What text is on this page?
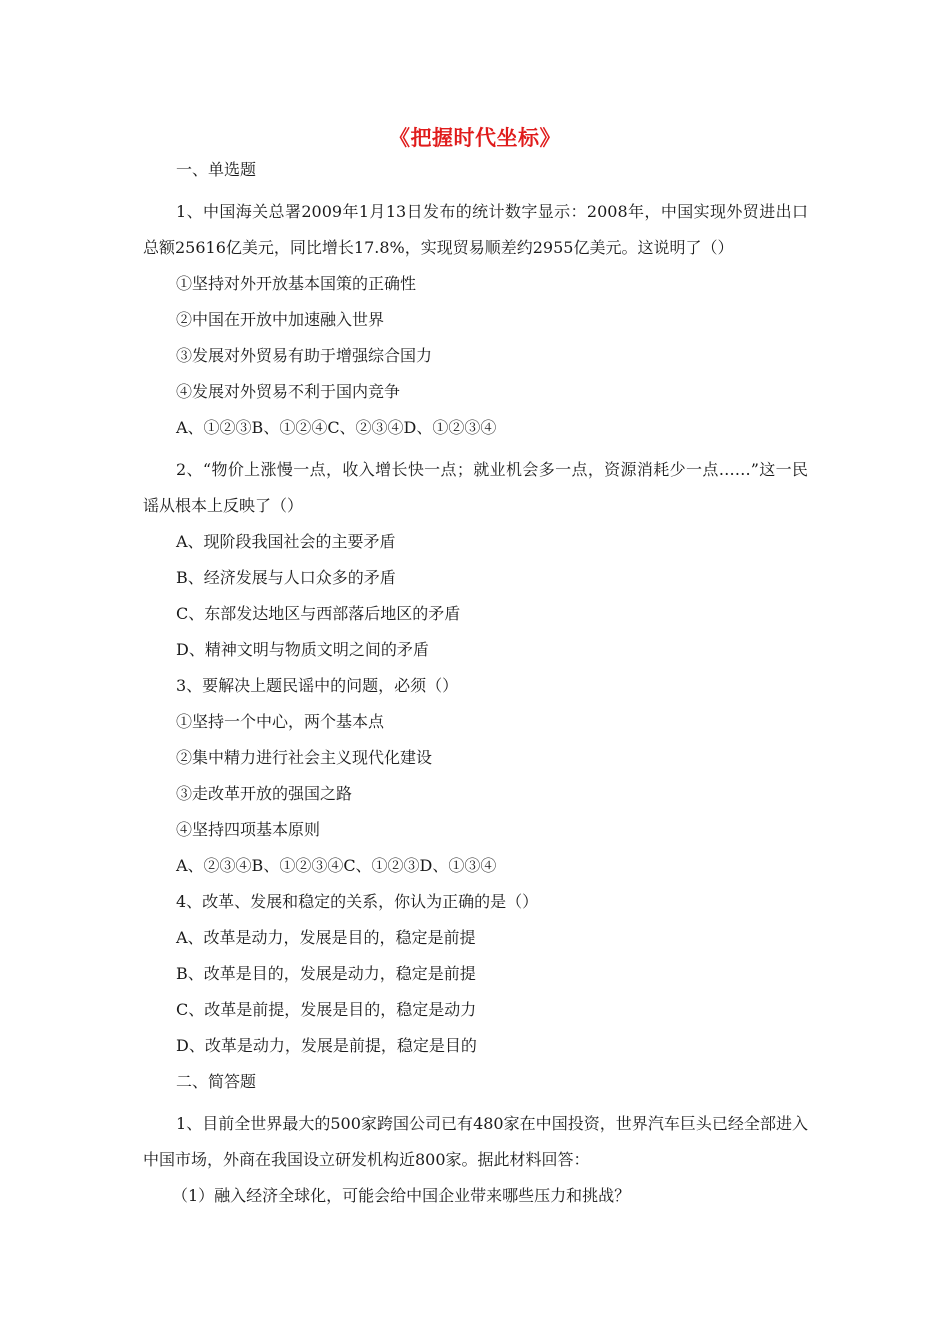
《把握时代坐标》
一、单选题
1、中国海关总署2009年1月13日发布的统计数字显示：2008年，中国实现外贸进出口总额25616亿美元，同比增长17.8%，实现贸易顺差约2955亿美元。这说明了（）
①坚持对外开放基本国策的正确性
②中国在开放中加速融入世界
③发展对外贸易有助于增强综合国力
④发展对外贸易不利于国内竞争
A、①②③B、①②④C、②③④D、①②③④
2、“物价上涨慢一点，收入增长快一点；就业机会多一点，资源消耗少一点……”这一民谣从根本上反映了（）
A、现阶段我国社会的主要矛盾
B、经济发展与人口众多的矛盾
C、东部发达地区与西部落后地区的矛盾
D、精神文明与物质文明之间的矛盾
3、要解决上题民谣中的问题，必须（）
①坚持一个中心，两个基本点
②集中精力进行社会主义现代化建设
③走改革开放的强国之路
④坚持四项基本原则
A、②③④B、①②③④C、①②③D、①③④
4、改革、发展和稳定的关系，你认为正确的是（）
A、改革是动力，发展是目的，稳定是前提
B、改革是目的，发展是动力，稳定是前提
C、改革是前提，发展是目的，稳定是动力
D、改革是动力，发展是前提，稳定是目的
二、简答题
1、目前全世界最大的500家跨国公司已有480家在中国投资，世界汽车巨头已经全部进入中国市场，外商在我国设立研发机构近800家。据此材料回答：
（1）融入经济全球化，可能会给中国企业带来哪些压力和挑战？
